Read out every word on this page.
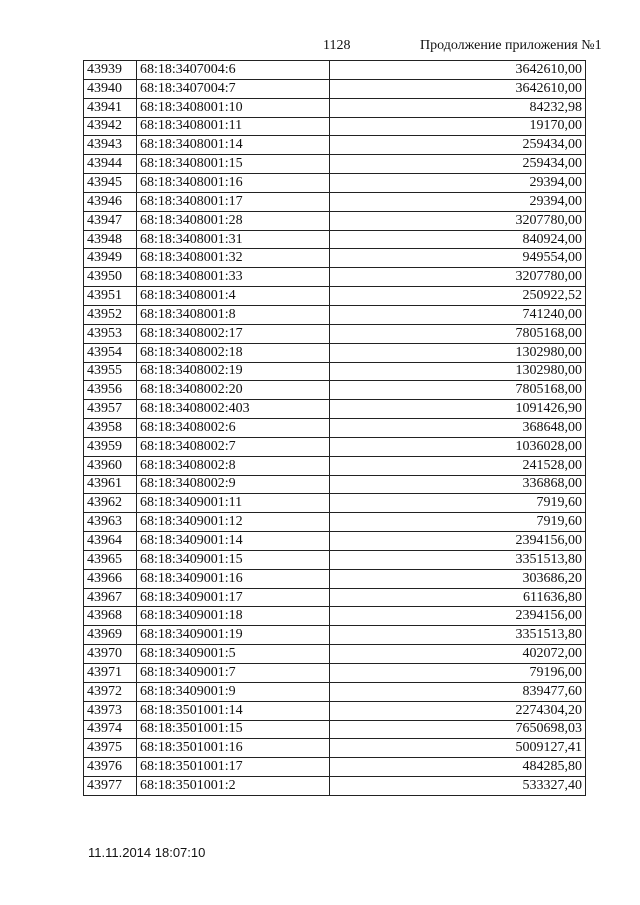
1128	Продолжение приложения №1
43939	68:18:3407004:6	3642610,00
43940	68:18:3407004:7	3642610,00
43941	68:18:3408001:10	84232,98
43942	68:18:3408001:11	19170,00
43943	68:18:3408001:14	259434,00
43944	68:18:3408001:15	259434,00
43945	68:18:3408001:16	29394,00
43946	68:18:3408001:17	29394,00
43947	68:18:3408001:28	3207780,00
43948	68:18:3408001:31	840924,00
43949	68:18:3408001:32	949554,00
43950	68:18:3408001:33	3207780,00
43951	68:18:3408001:4	250922,52
43952	68:18:3408001:8	741240,00
43953	68:18:3408002:17	7805168,00
43954	68:18:3408002:18	1302980,00
43955	68:18:3408002:19	1302980,00
43956	68:18:3408002:20	7805168,00
43957	68:18:3408002:403	1091426,90
43958	68:18:3408002:6	368648,00
43959	68:18:3408002:7	1036028,00
43960	68:18:3408002:8	241528,00
43961	68:18:3408002:9	336868,00
43962	68:18:3409001:11	7919,60
43963	68:18:3409001:12	7919,60
43964	68:18:3409001:14	2394156,00
43965	68:18:3409001:15	3351513,80
43966	68:18:3409001:16	303686,20
43967	68:18:3409001:17	611636,80
43968	68:18:3409001:18	2394156,00
43969	68:18:3409001:19	3351513,80
43970	68:18:3409001:5	402072,00
43971	68:18:3409001:7	79196,00
43972	68:18:3409001:9	839477,60
43973	68:18:3501001:14	2274304,20
43974	68:18:3501001:15	7650698,03
43975	68:18:3501001:16	5009127,41
43976	68:18:3501001:17	484285,80
43977	68:18:3501001:2	533327,40
11.11.2014 18:07:10
